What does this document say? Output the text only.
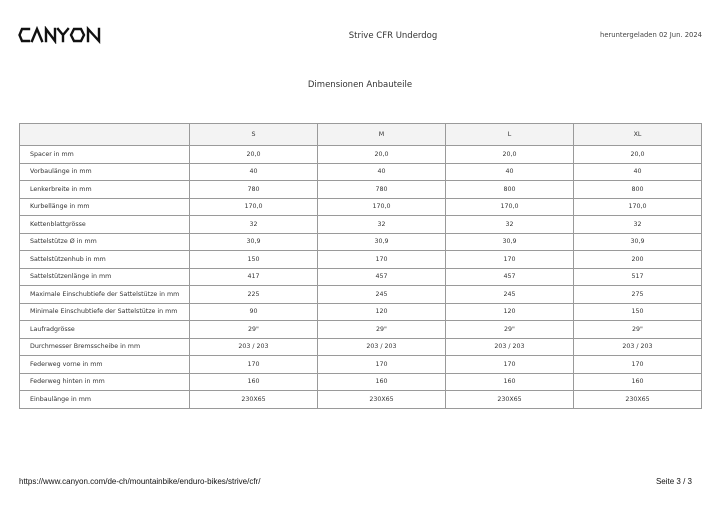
Strive CFR Underdog	heruntergeladen 02 Jun. 2024
Dimensionen Anbauteile
	S	M	L	XL
Spacer in mm	20,0	20,0	20,0	20,0
Vorbaulänge in mm	40	40	40	40
Lenkerbreite in mm	780	780	800	800
Kurbellänge in mm	170,0	170,0	170,0	170,0
Kettenblattgrösse	32	32	32	32
Sattelstütze Ø in mm	30,9	30,9	30,9	30,9
Sattelstützenhub in mm	150	170	170	200
Sattelstützenlänge in mm	417	457	457	517
Maximale Einschubtiefe der Sattelstütze in mm	225	245	245	275
Minimale Einschubtiefe der Sattelstütze in mm	90	120	120	150
Laufradgrösse	29"	29"	29"	29"
Durchmesser Bremsscheibe in mm	203 / 203	203 / 203	203 / 203	203 / 203
Federweg vorne in mm	170	170	170	170
Federweg hinten in mm	160	160	160	160
Einbaulänge in mm	230X65	230X65	230X65	230X65
https://www.canyon.com/de-ch/mountainbike/enduro-bikes/strive/cfr/	Seite 3 / 3
